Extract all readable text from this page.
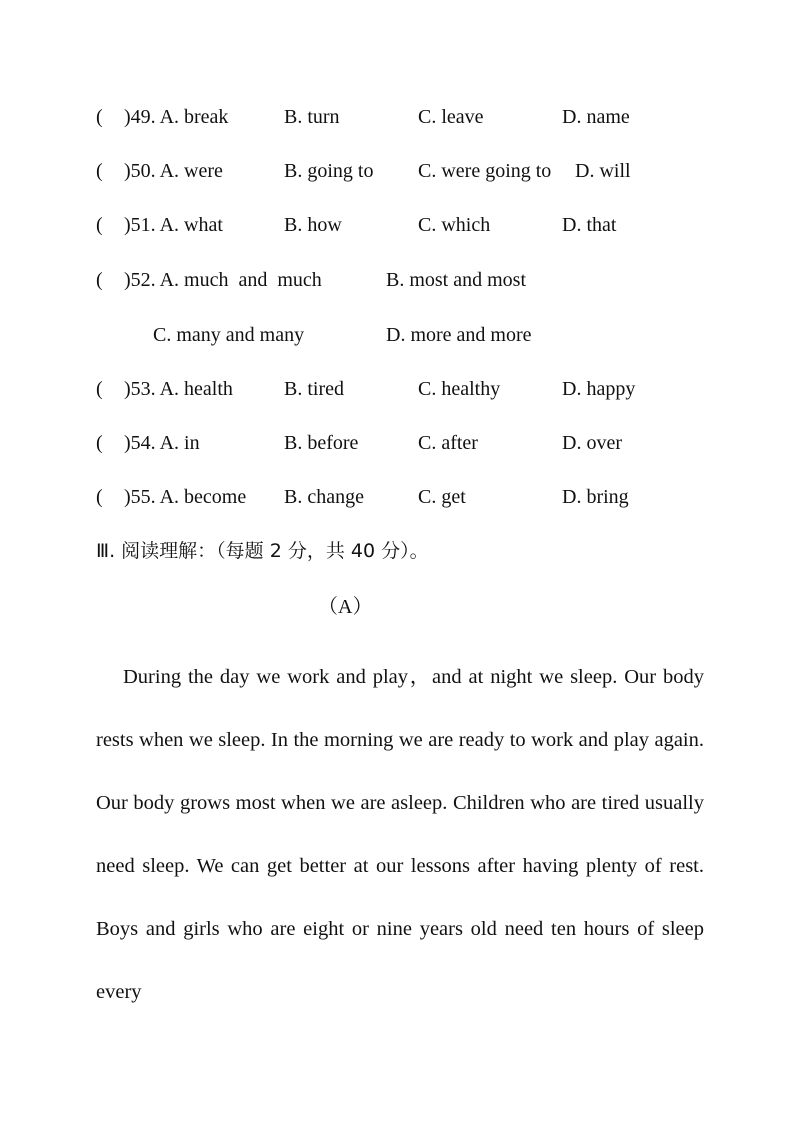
( )49. A. break	B. turn	C. leave	D. name
( )50. A. were	B. going to C. were going to D. will
( )51. A. what	B. how	C. which	D. that
( )52. A. much  and  much	B. most and most
C. many and many	D. more and more
( )53. A. health	B. tired	C. healthy	D. happy
( )54. A. in	B. before	C. after	D. over
( )55. A. become B. change	C. get	D. bring
Ⅲ. 阅读理解：（每题 2 分，共 40 分）。
（A）

During the day we work and play，and at night we sleep. Our body rests when we sleep. In the morning we are ready to work and play again. Our body grows most when we are asleep. Children who are tired usually need sleep. We can get better at our lessons after having plenty of rest. Boys and girls who are eight or nine years old need ten hours of sleep every
